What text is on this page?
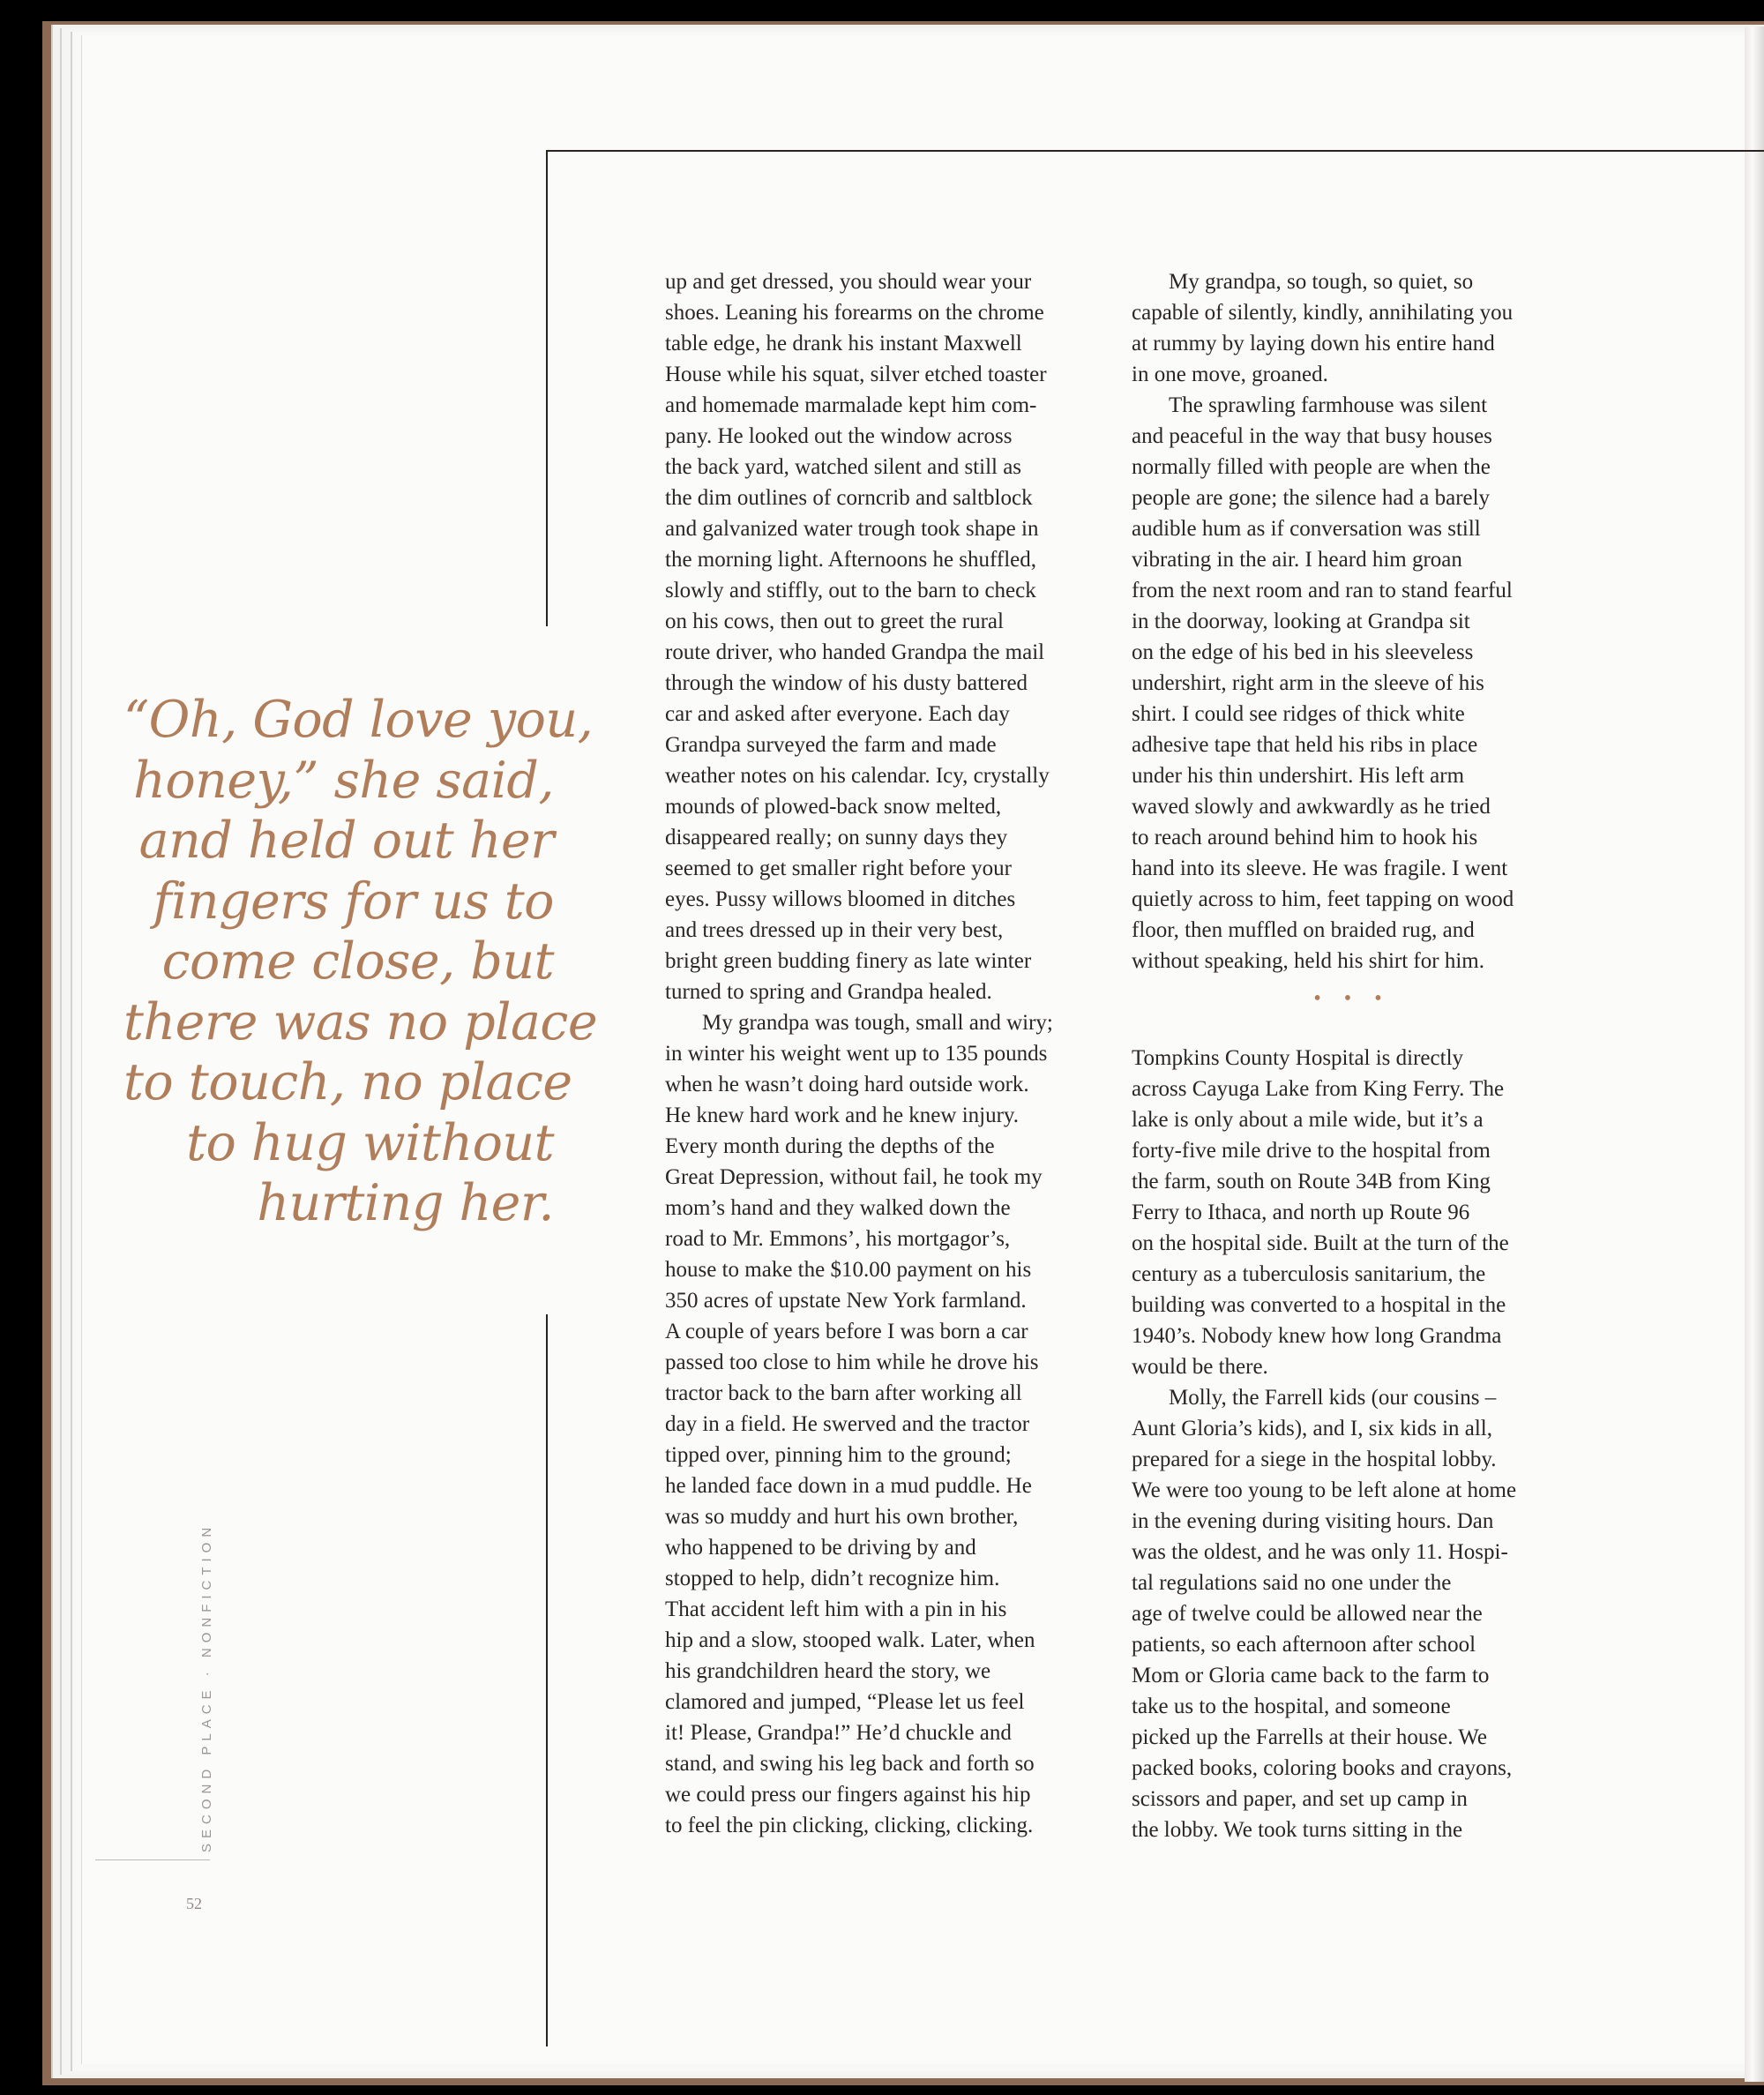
“Oh, God love you,
honey,” she said,
and held out her
fingers for us to
come close, but
there was no place
to touch, no place
to hug without
hurting her.
SECOND PLACE · NONFICTION
52

up and get dressed, you should wear your
shoes. Leaning his forearms on the chrome
table edge, he drank his instant Maxwell
House while his squat, silver etched toaster
and homemade marmalade kept him com-
pany. He looked out the window across
the back yard, watched silent and still as
the dim outlines of corncrib and saltblock
and galvanized water trough took shape in
the morning light. Afternoons he shuffled,
slowly and stiffly, out to the barn to check
on his cows, then out to greet the rural
route driver, who handed Grandpa the mail
through the window of his dusty battered
car and asked after everyone. Each day
Grandpa surveyed the farm and made
weather notes on his calendar. Icy, crystally
mounds of plowed-back snow melted,
disappeared really; on sunny days they
seemed to get smaller right before your
eyes. Pussy willows bloomed in ditches
and trees dressed up in their very best,
bright green budding finery as late winter
turned to spring and Grandpa healed.

My grandpa was tough, small and wiry;
in winter his weight went up to 135 pounds
when he wasn’t doing hard outside work.
He knew hard work and he knew injury.
Every month during the depths of the
Great Depression, without fail, he took my
mom’s hand and they walked down the
road to Mr. Emmons’, his mortgagor’s,
house to make the $10.00 payment on his
350 acres of upstate New York farmland.
A couple of years before I was born a car
passed too close to him while he drove his
tractor back to the barn after working all
day in a field. He swerved and the tractor
tipped over, pinning him to the ground;
he landed face down in a mud puddle. He
was so muddy and hurt his own brother,
who happened to be driving by and
stopped to help, didn’t recognize him.
That accident left him with a pin in his
hip and a slow, stooped walk. Later, when
his grandchildren heard the story, we
clamored and jumped, “Please let us feel
it! Please, Grandpa!” He’d chuckle and
stand, and swing his leg back and forth so
we could press our fingers against his hip
to feel the pin clicking, clicking, clicking.

My grandpa, so tough, so quiet, so
capable of silently, kindly, annihilating you
at rummy by laying down his entire hand
in one move, groaned.

The sprawling farmhouse was silent
and peaceful in the way that busy houses
normally filled with people are when the
people are gone; the silence had a barely
audible hum as if conversation was still
vibrating in the air. I heard him groan
from the next room and ran to stand fearful
in the doorway, looking at Grandpa sit
on the edge of his bed in his sleeveless
undershirt, right arm in the sleeve of his
shirt. I could see ridges of thick white
adhesive tape that held his ribs in place
under his thin undershirt. His left arm
waved slowly and awkwardly as he tried
to reach around behind him to hook his
hand into its sleeve. He was fragile. I went
quietly across to him, feet tapping on wood
floor, then muffled on braided rug, and
without speaking, held his shirt for him.

• • •

Tompkins County Hospital is directly
across Cayuga Lake from King Ferry. The
lake is only about a mile wide, but it’s a
forty-five mile drive to the hospital from
the farm, south on Route 34B from King
Ferry to Ithaca, and north up Route 96
on the hospital side. Built at the turn of the
century as a tuberculosis sanitarium, the
building was converted to a hospital in the
1940’s. Nobody knew how long Grandma
would be there.

Molly, the Farrell kids (our cousins –
Aunt Gloria’s kids), and I, six kids in all,
prepared for a siege in the hospital lobby.
We were too young to be left alone at home
in the evening during visiting hours. Dan
was the oldest, and he was only 11. Hospi-
tal regulations said no one under the
age of twelve could be allowed near the
patients, so each afternoon after school
Mom or Gloria came back to the farm to
take us to the hospital, and someone
picked up the Farrells at their house. We
packed books, coloring books and crayons,
scissors and paper, and set up camp in
the lobby. We took turns sitting in the
